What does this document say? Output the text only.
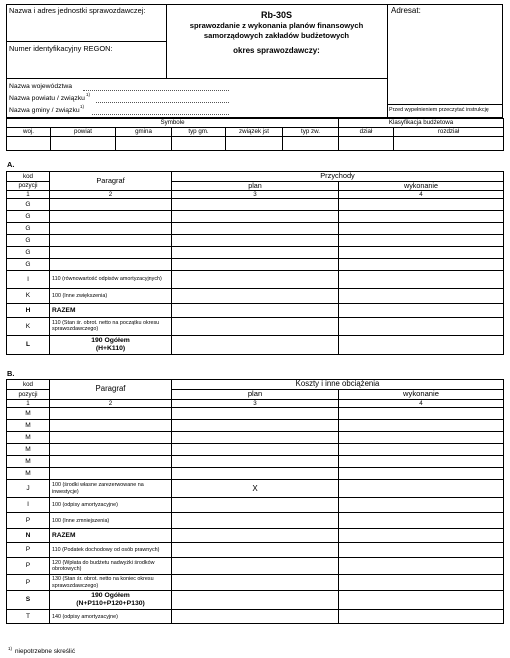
Nazwa i adres jednostki sprawozdawczej:
Numer identyfikacyjny REGON:
Rb-30S
sprawozdanie z wykonania planów finansowych
samorządowych zakładów budżetowych
okres sprawozdawczy:
Adresat:
Nazwa województwa
Nazwa powiatu / związku
1)
Nazwa gminy / związku
1)
Przed wypełnieniem przeczytać instrukcję
Symbole						Klasyfikacja budżetowa	
woj.	powiat	gmina	typ gm.	związek jst	typ zw.	dział	rozdział

A.
kod	Paragraf	Przychody	
pozycji		plan	wykonanie
1	2	3	4
G			
G			
G			
G			
G			
G			
I	110 (równowartość odpisów amortyzacyjnych)		
K	100 (Inne zwiększenia)		
H	RAZEM		
K	110 (Stan śr. obrot. netto na początku okresu sprawozdawczego)		
L	190 Ogółem
(H+K110)		
B.
kod	Paragraf	Koszty i inne obciążenia	
pozycji		plan	wykonanie
1	2	3	4
M			
M			
M			
M			
M			
M			
J	100 (środki własne zarezerwowane na inwestycje)	X	
I	100 (odpisy amortyzacyjne)		
P	100 (Inne zmniejszenia)		
N	RAZEM		
P	110 (Podatek dochodowy od osób prawnych)		
P	120 (Wpłata do budżetu nadwyżki środków obrotowych)		
P	130 (Stan śr. obrot. netto na koniec okresu sprawozdawczego)		
S	190 Ogółem
(N+P110+P120+P130)		
T	140 (odpisy amortyzacyjne)		
1) niepotrzebne skreślić
